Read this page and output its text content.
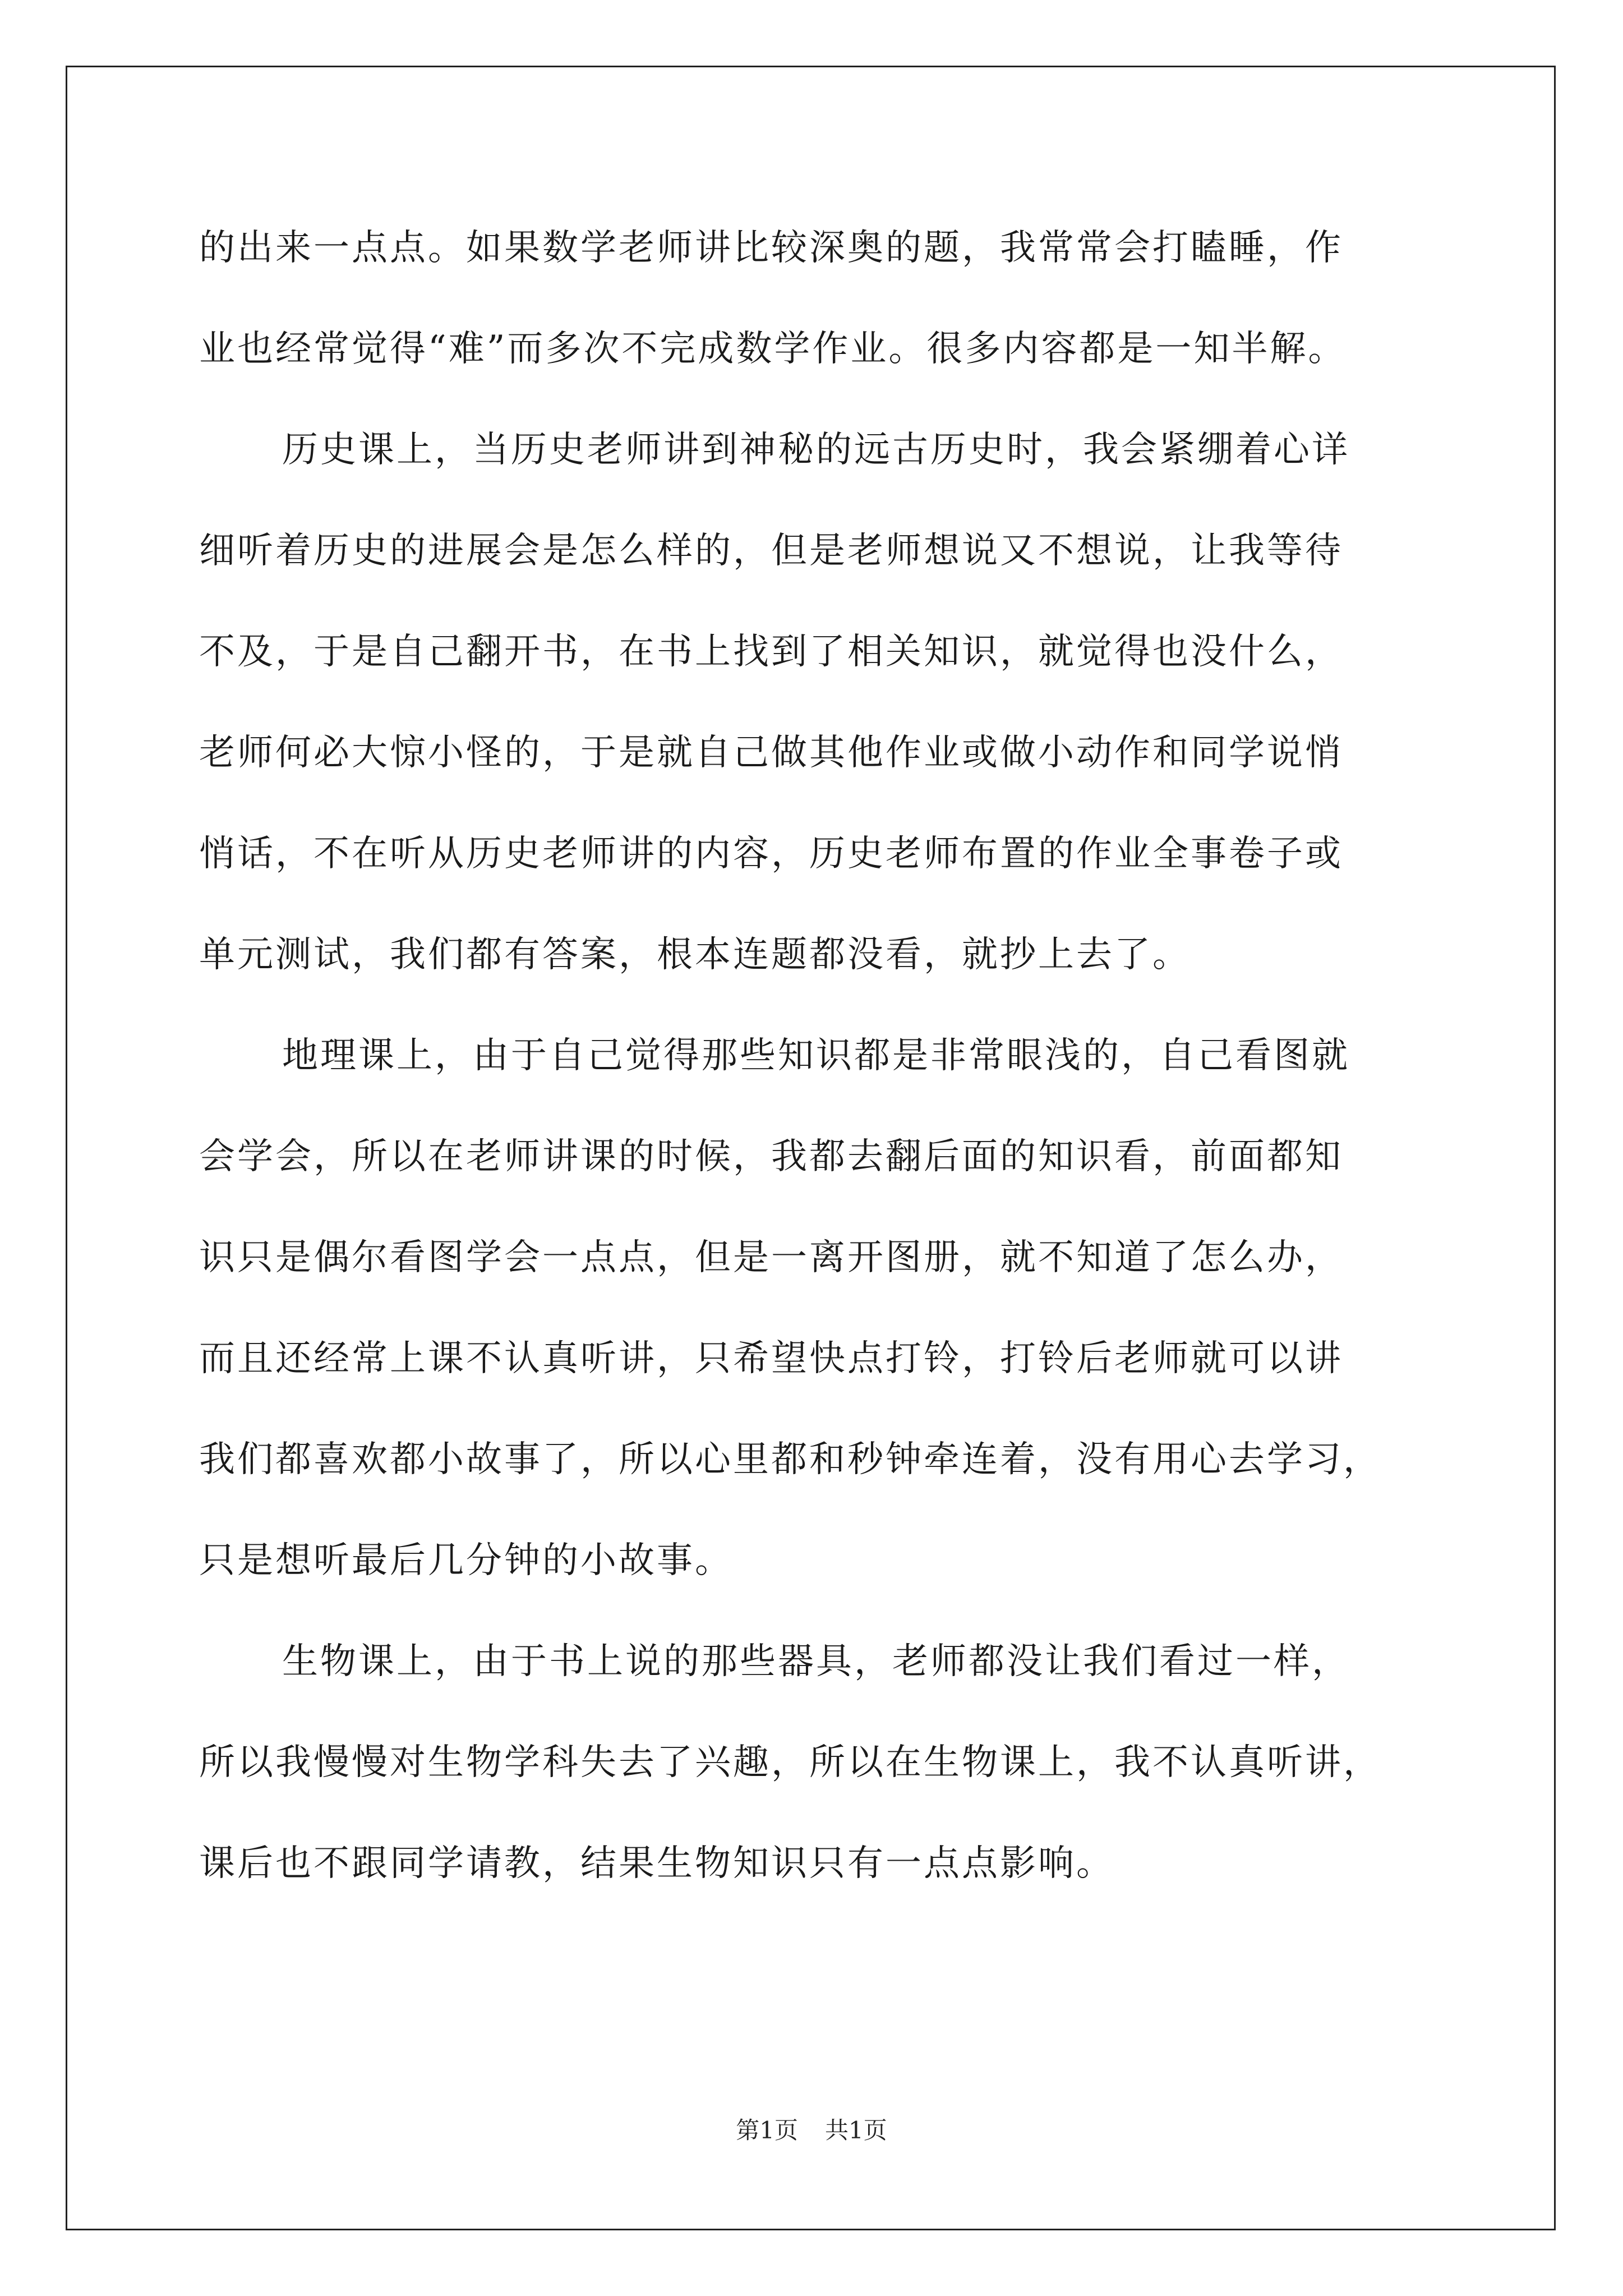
的出来一点点。如果数学老师讲比较深奥的题，我常常会打瞌睡，作
业也经常觉得“难”而多次不完成数学作业。很多内容都是一知半解。
历史课上，当历史老师讲到神秘的远古历史时，我会紧绷着心详
细听着历史的进展会是怎么样的，但是老师想说又不想说，让我等待
不及，于是自己翻开书，在书上找到了相关知识，就觉得也没什么，
老师何必大惊小怪的，于是就自己做其他作业或做小动作和同学说悄
悄话，不在听从历史老师讲的内容，历史老师布置的作业全事卷子或
单元测试，我们都有答案，根本连题都没看，就抄上去了。
地理课上，由于自己觉得那些知识都是非常眼浅的，自己看图就
会学会，所以在老师讲课的时候，我都去翻后面的知识看，前面都知
识只是偶尔看图学会一点点，但是一离开图册，就不知道了怎么办，
而且还经常上课不认真听讲，只希望快点打铃，打铃后老师就可以讲
我们都喜欢都小故事了，所以心里都和秒钟牵连着，没有用心去学习，
只是想听最后几分钟的小故事。
生物课上，由于书上说的那些器具，老师都没让我们看过一样，
所以我慢慢对生物学科失去了兴趣，所以在生物课上，我不认真听讲，
课后也不跟同学请教，结果生物知识只有一点点影响。
第1页 共1页
